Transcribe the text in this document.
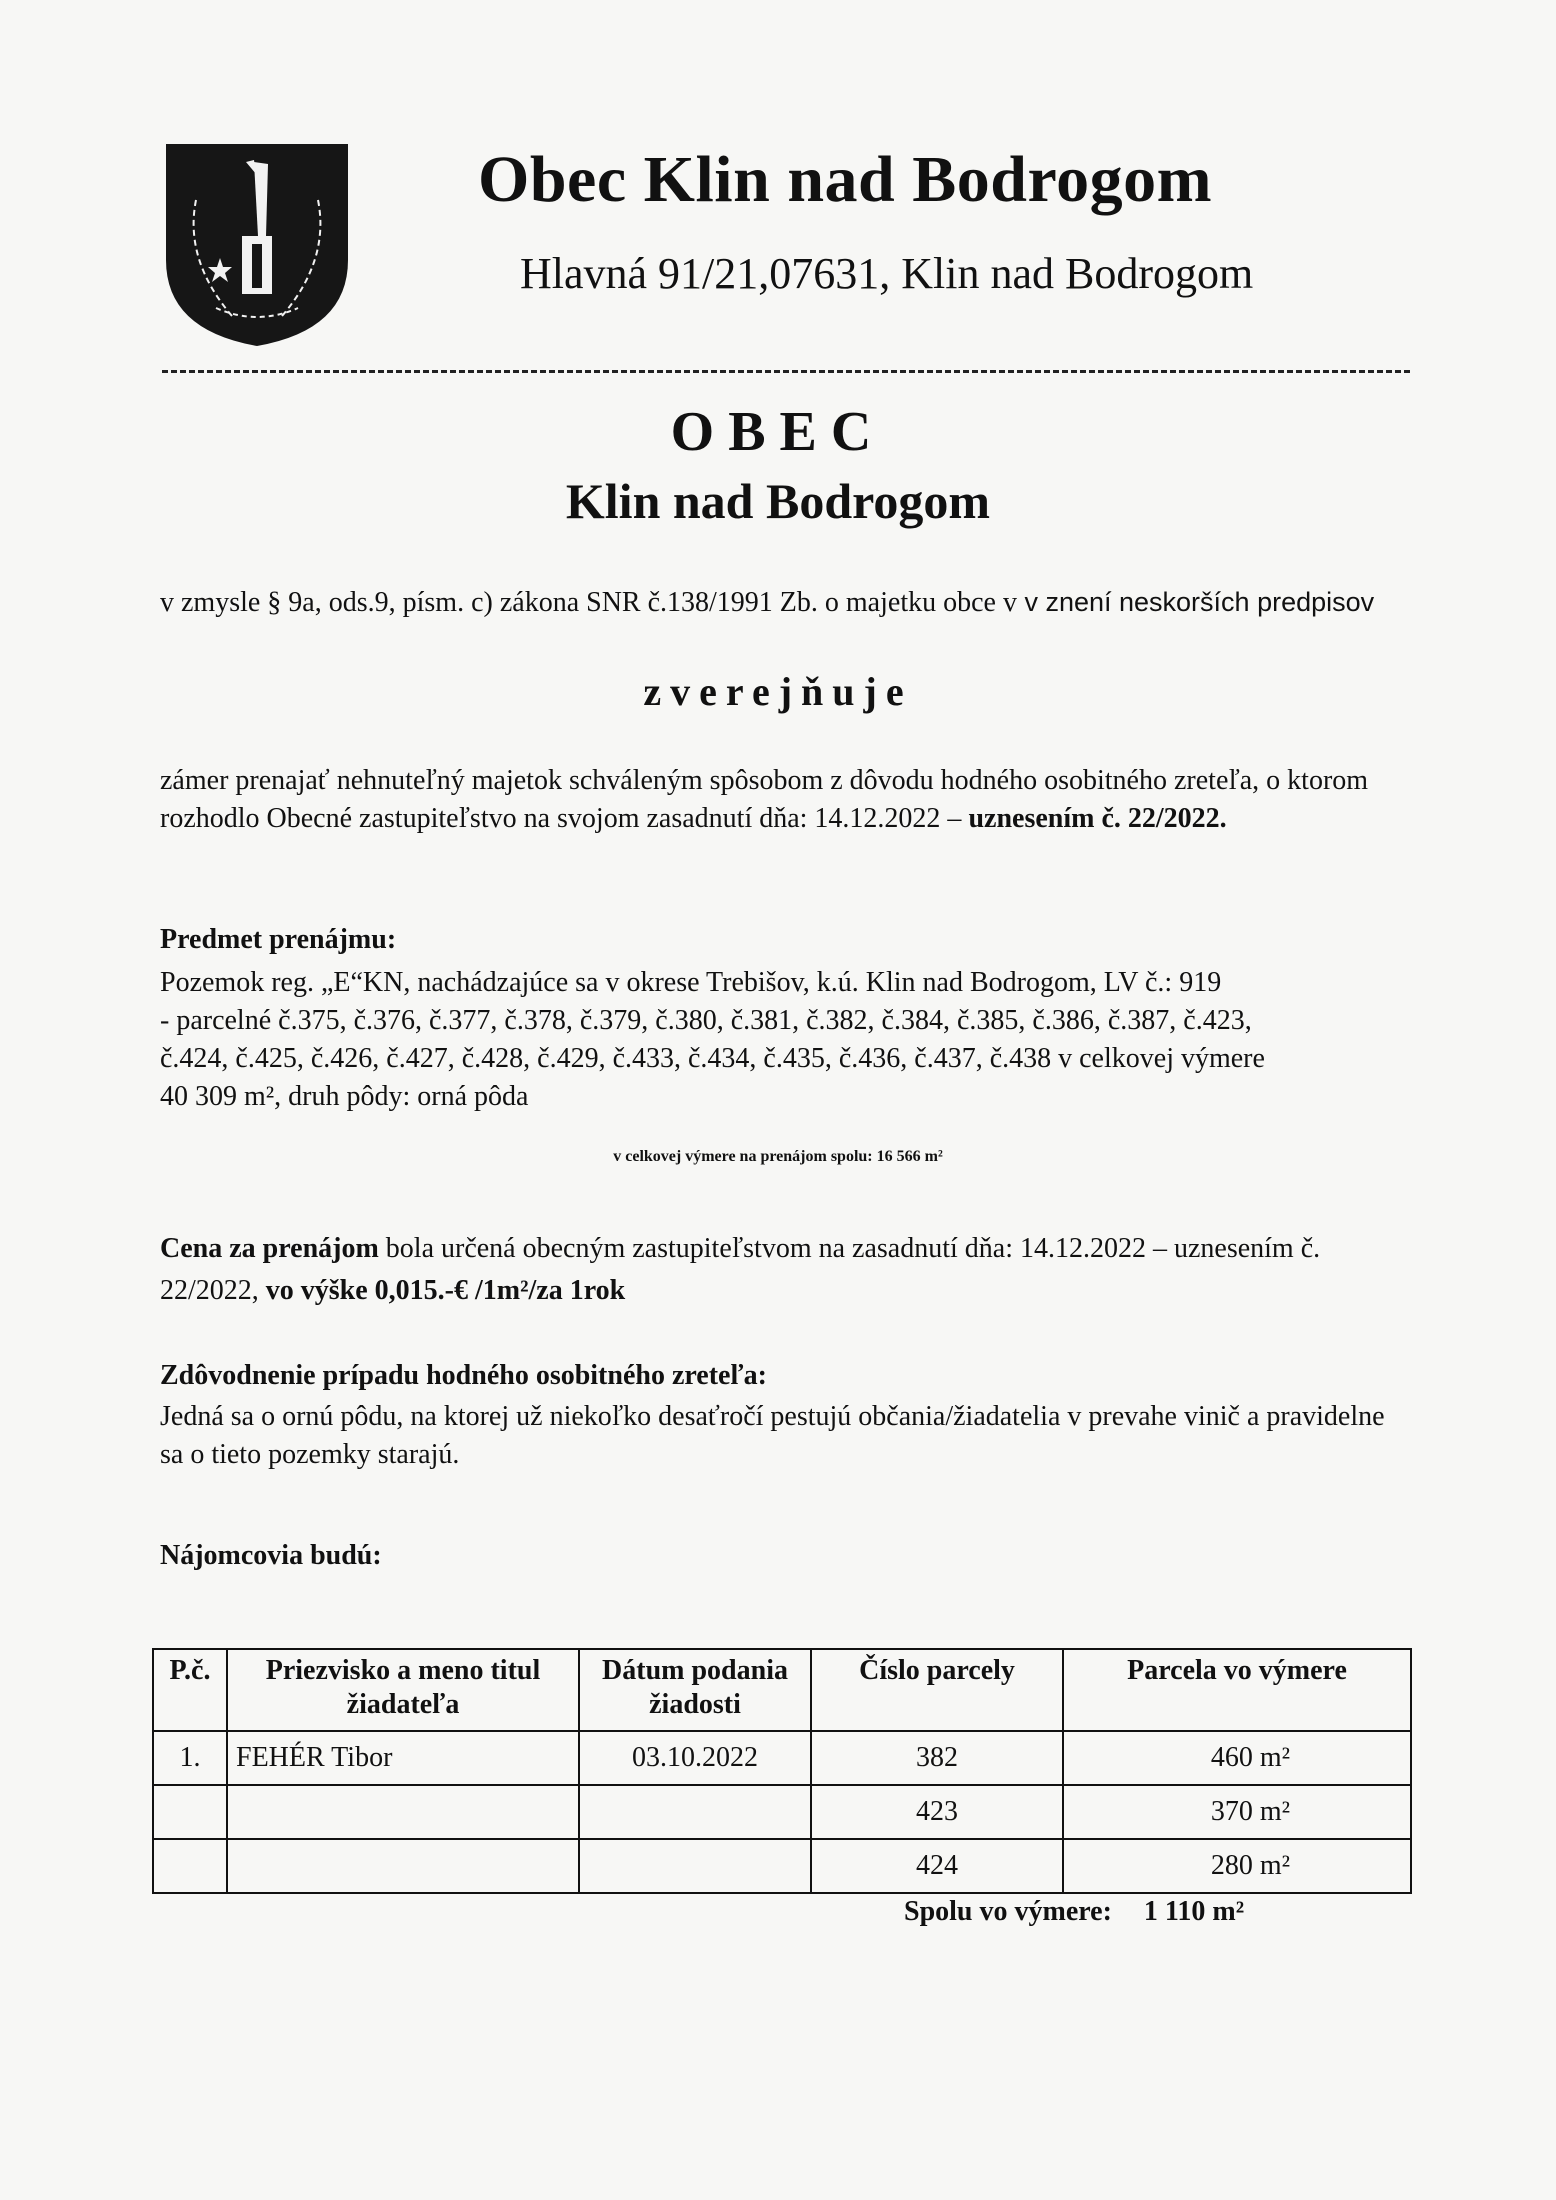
Obec Klin nad Bodrogom
Hlavná 91/21,07631, Klin nad Bodrogom
OBEC
Klin nad Bodrogom
v zmysle § 9a, ods.9, písm. c) zákona SNR č.138/1991 Zb. o majetku obce v v znení neskorších predpisov
zverejňuje
zámer prenajať nehnuteľný majetok schváleným spôsobom z dôvodu hodného osobitného zreteľa, o ktorom rozhodlo Obecné zastupiteľstvo na svojom zasadnutí dňa: 14.12.2022 – uznesením č. 22/2022.
Predmet prenájmu:
Pozemok reg. „E“KN, nachádzajúce sa v okrese Trebišov, k.ú. Klin nad Bodrogom, LV č.: 919
- parcelné č.375, č.376, č.377, č.378, č.379, č.380, č.381, č.382, č.384, č.385, č.386, č.387, č.423,
č.424, č.425, č.426, č.427, č.428, č.429, č.433, č.434, č.435, č.436, č.437, č.438 v celkovej výmere
40 309 m², druh pôdy: orná pôda
v celkovej výmere na prenájom spolu: 16 566 m²
Cena za prenájom bola určená obecným zastupiteľstvom na zasadnutí dňa: 14.12.2022 – uznesením č. 22/2022, vo výške 0,015.-€ /1m²/za 1rok
Zdôvodnenie prípadu hodného osobitného zreteľa:
Jedná sa o ornú pôdu, na ktorej už niekoľko desaťročí pestujú občania/žiadatelia v prevahe vinič a pravidelne sa o tieto pozemky starajú.
Nájomcovia budú:
P.č.	Priezvisko a meno titul žiadateľa	Dátum podania žiadosti	Číslo parcely	Parcela vo výmere
1.	FEHÉR Tibor	03.10.2022	382	460 m²
			423	370 m²
			424	280 m²
Spolu vo výmere: 1 110 m²
